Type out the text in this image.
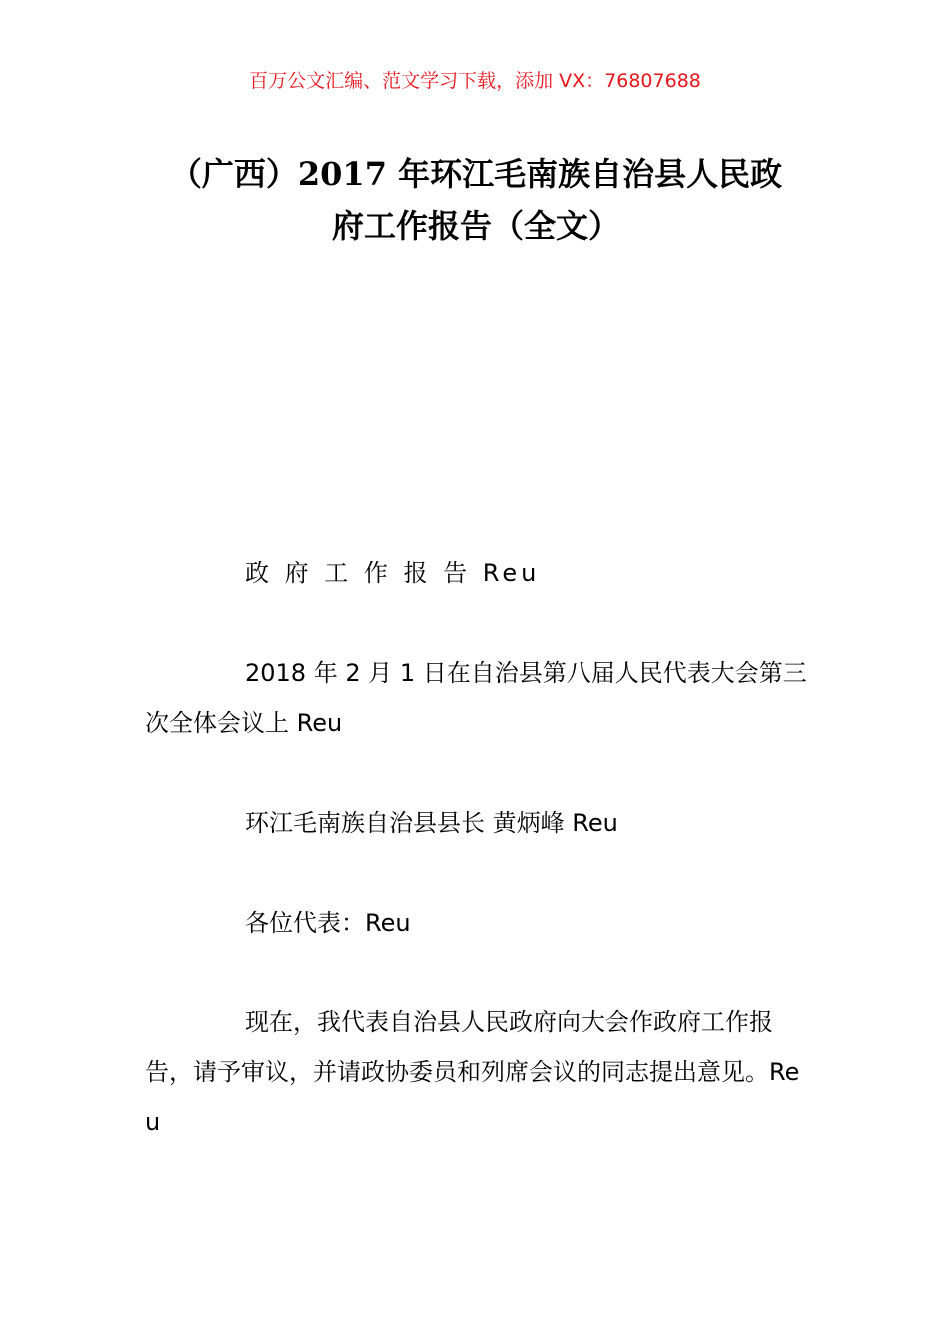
百万公文汇编、范文学习下载，添加 VX：76807688
（广西）2017 年环江毛南族自治县人民政
府工作报告（全文）

政 府 工 作 报 告 Reu

2018 年 2 月 1 日在自治县第八届人民代表大会第三次全体会议上 Reu

环江毛南族自治县县长 黄炳峰 Reu

各位代表：Reu

现在，我代表自治县人民政府向大会作政府工作报告，请予审议，并请政协委员和列席会议的同志提出意见。Reu
